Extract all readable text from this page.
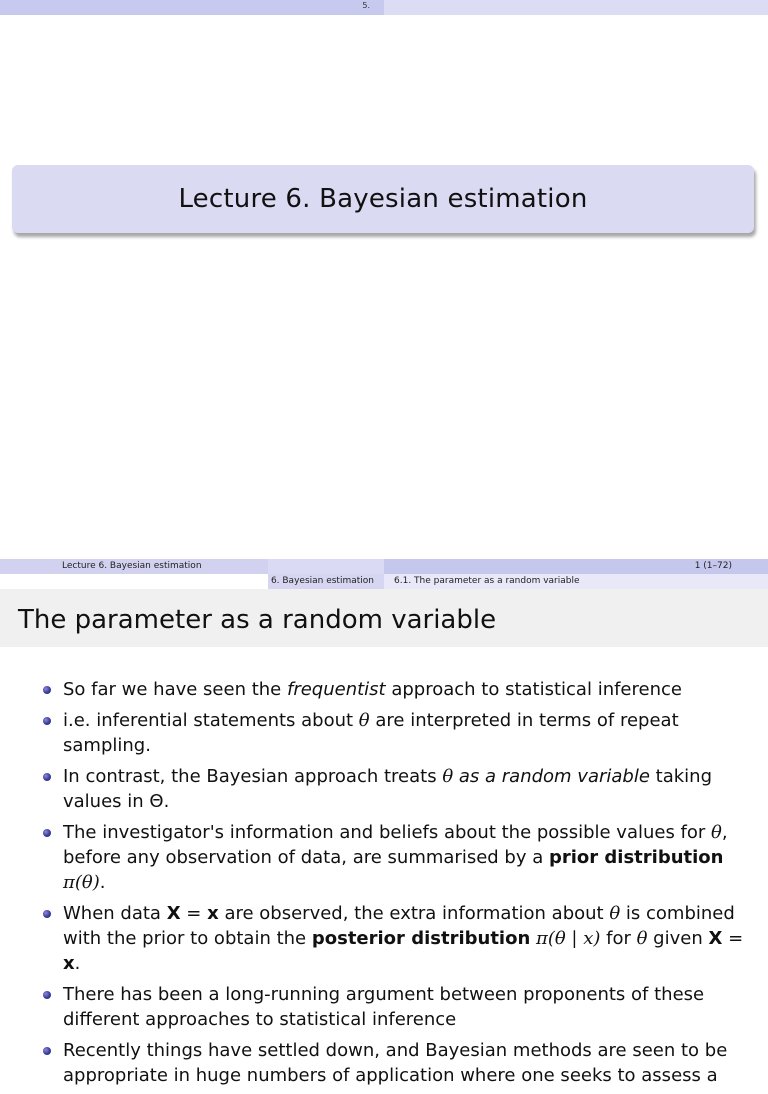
5.
Lecture 6. Bayesian estimation
Lecture 6. Bayesian estimation	1 (1–72)
6. Bayesian estimation 6.1. The parameter as a random variable
The parameter as a random variable
So far we have seen the frequentist approach to statistical inference
i.e. inferential statements about θ are interpreted in terms of repeat sampling.
In contrast, the Bayesian approach treats θ as a random variable taking values in Θ.
The investigator's information and beliefs about the possible values for θ, before any observation of data, are summarised by a prior distribution π(θ).
When data X = x are observed, the extra information about θ is combined with the prior to obtain the posterior distribution π(θ | x) for θ given X = x.
There has been a long-running argument between proponents of these different approaches to statistical inference
Recently things have settled down, and Bayesian methods are seen to be appropriate in huge numbers of application where one seeks to assess a
